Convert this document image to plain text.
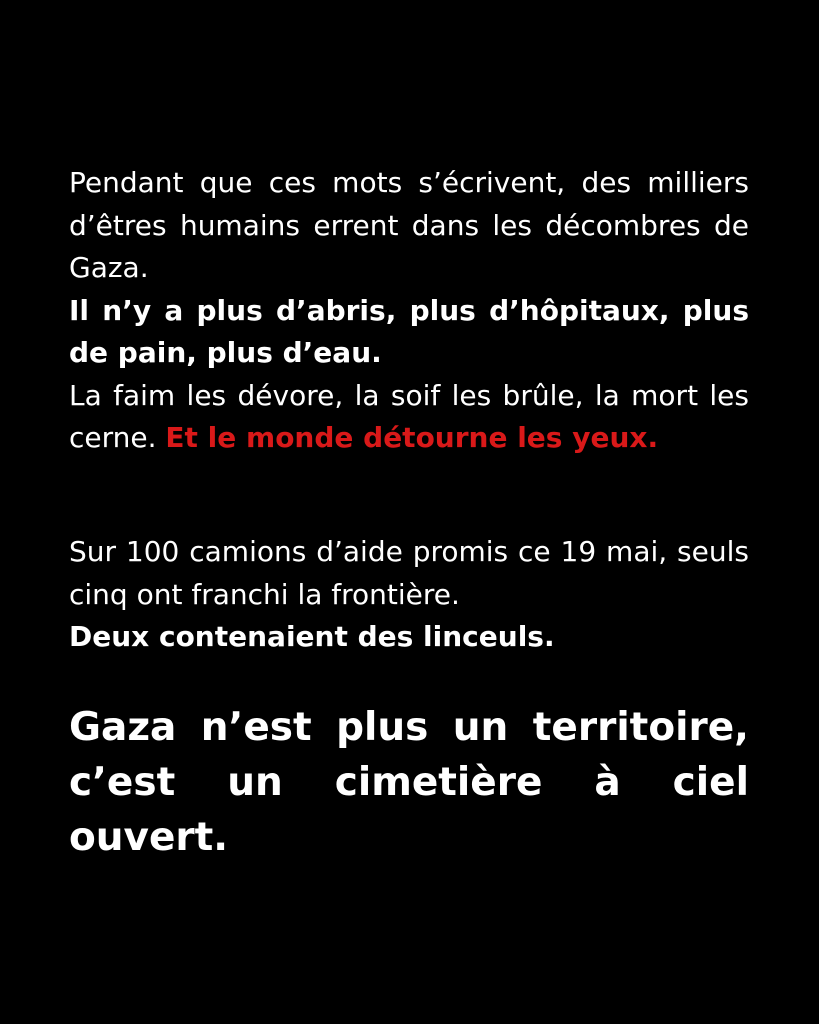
Pendant que ces mots s’écrivent, des milliers d’êtres humains errent dans les décombres de Gaza.
Il n’y a plus d’abris, plus d’hôpitaux, plus de pain, plus d’eau.
La faim les dévore, la soif les brûle, la mort les cerne. Et le monde détourne les yeux.

Sur 100 camions d’aide promis ce 19 mai, seuls cinq ont franchi la frontière.
Deux contenaient des linceuls.

Gaza n’est plus un territoire, c’est un cimetière à ciel ouvert.
